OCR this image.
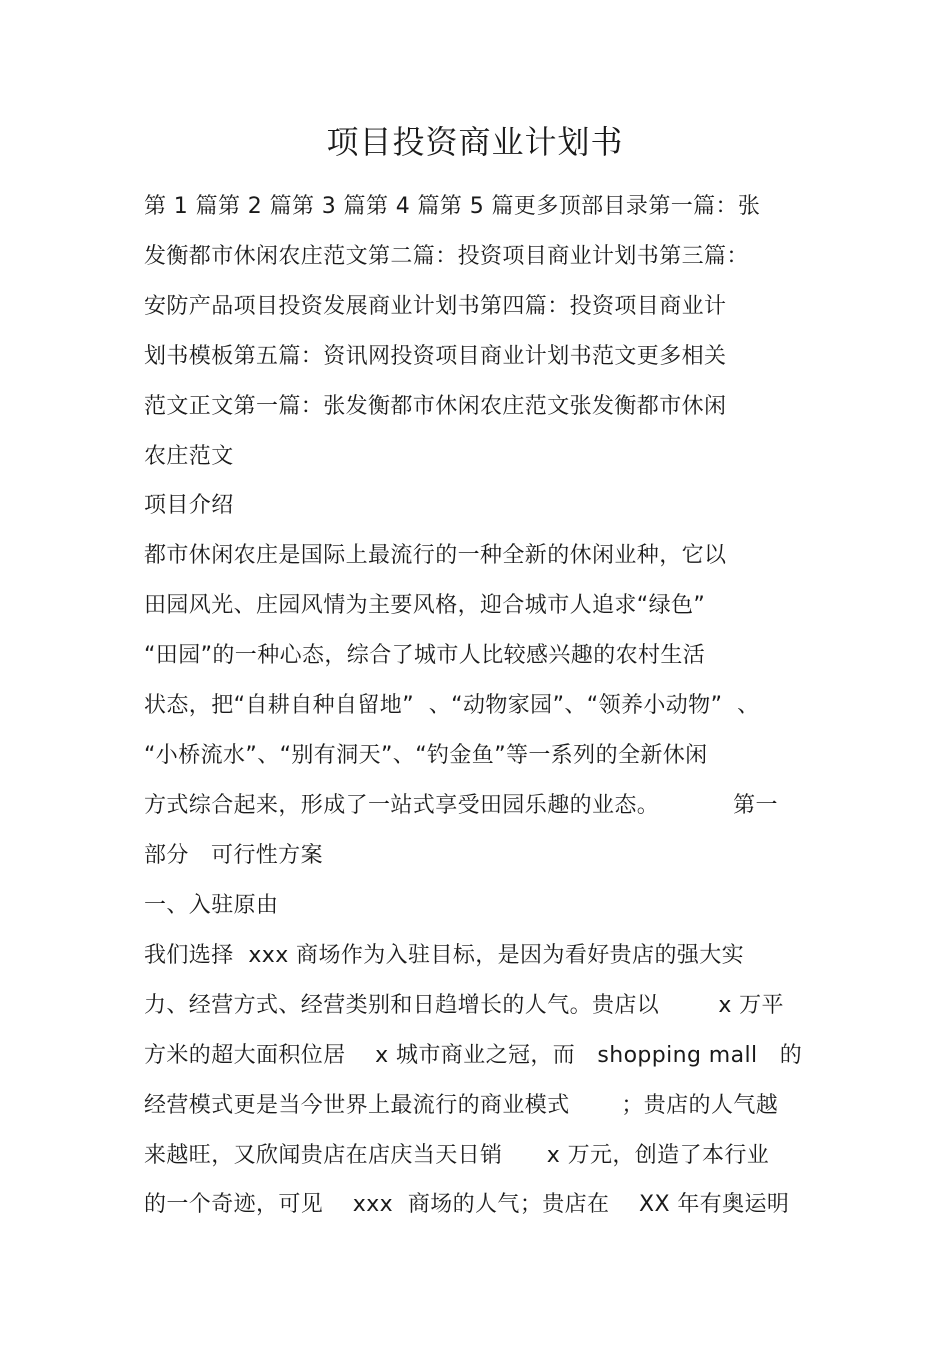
项目投资商业计划书
第 1 篇第 2 篇第 3 篇第 4 篇第 5 篇更多顶部目录第一篇：张
发衡都市休闲农庄范文第二篇：投资项目商业计划书第三篇：
安防产品项目投资发展商业计划书第四篇：投资项目商业计
划书模板第五篇：资讯网投资项目商业计划书范文更多相关
范文正文第一篇：张发衡都市休闲农庄范文张发衡都市休闲
农庄范文
项目介绍
都市休闲农庄是国际上最流行的一种全新的休闲业种，它以
田园风光、庄园风情为主要风格，迎合城市人追求“绿色”
“田园”的一种心态，综合了城市人比较感兴趣的农村生活
状态，把“自耕自种自留地”  、“动物家园”、“领养小动物”  、
“小桥流水”、“别有洞天”、“钓金鱼”等一系列的全新休闲
方式综合起来，形成了一站式享受田园乐趣的业态。          第一
部分   可行性方案
一、入驻原由
我们选择  xxx 商场作为入驻目标，是因为看好贵店的强大实
力、经营方式、经营类别和日趋增长的人气。贵店以        x 万平
方米的超大面积位居    x 城市商业之冠，而   shopping mall   的
经营模式更是当今世界上最流行的商业模式       ；贵店的人气越
来越旺，又欣闻贵店在店庆当天日销      x 万元，创造了本行业
的一个奇迹，可见    xxx  商场的人气；贵店在    XX 年有奥运明
